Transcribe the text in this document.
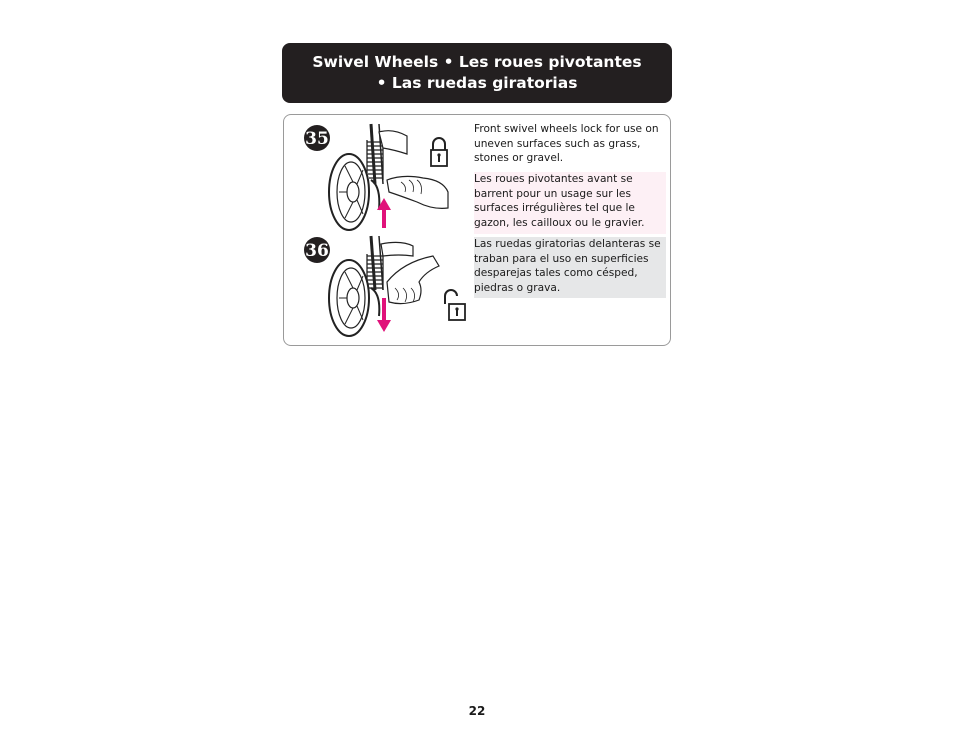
Swivel Wheels • Les roues pivotantes
• Las ruedas giratorias
35
36
Front swivel wheels lock for use on uneven surfaces such as grass, stones or gravel.
Les roues pivotantes avant se barrent pour un usage sur les surfaces irrégulières tel que le gazon, les cailloux ou le gravier.
Las ruedas giratorias delanteras se traban para el uso en superficies desparejas tales como césped, piedras o grava.
22
